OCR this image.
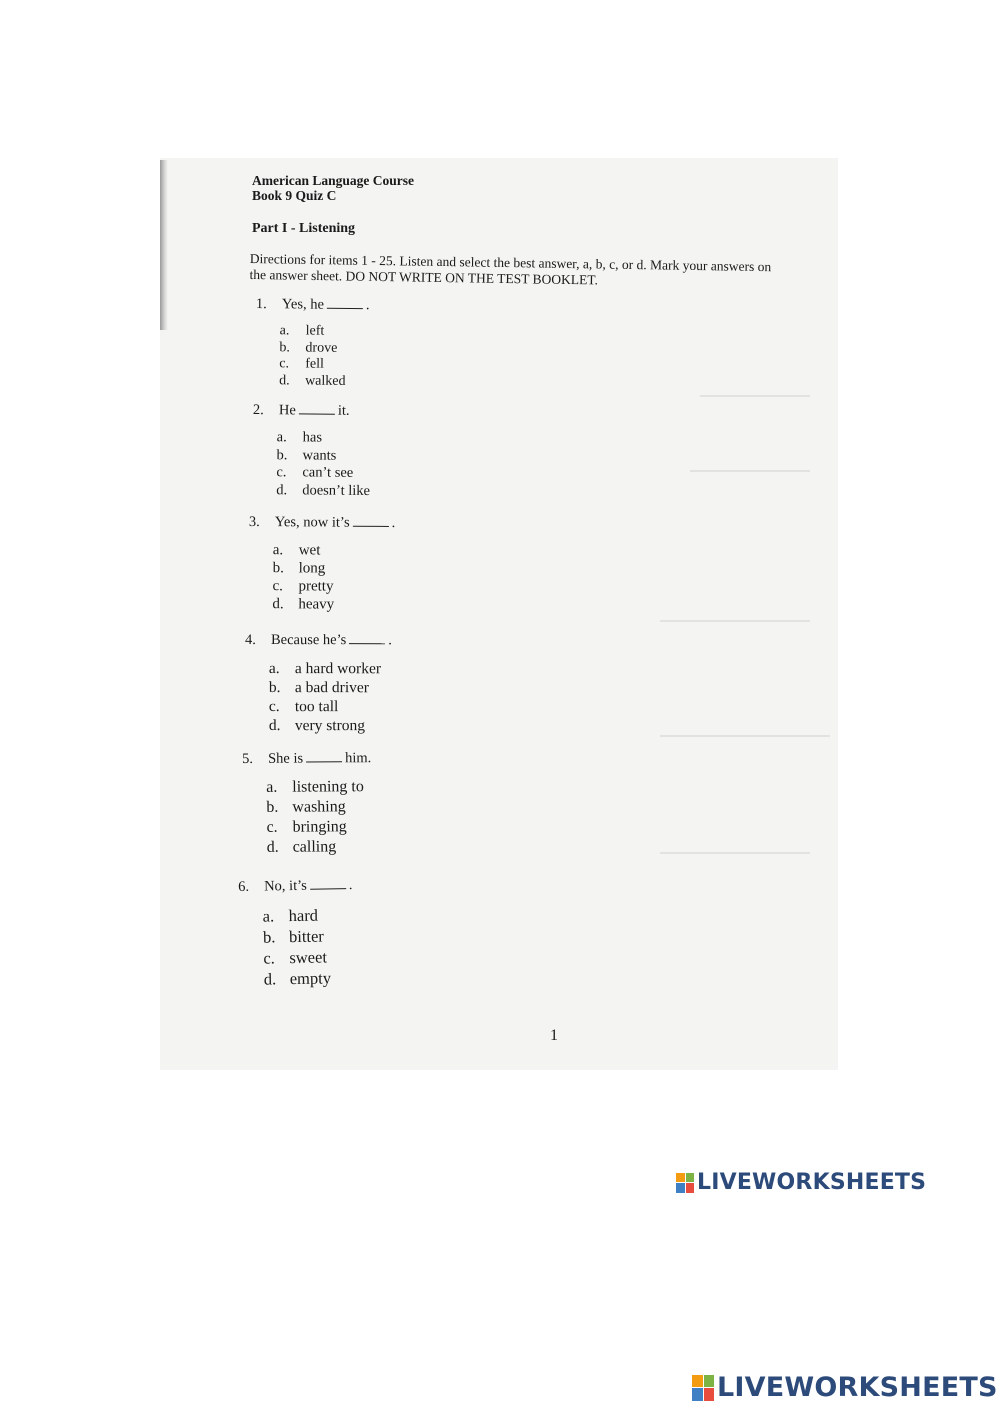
American Language Course
Book 9 Quiz C
Part I - Listening
Directions for items 1 - 25. Listen and select the best answer, a, b, c, or d. Mark your answers on the answer sheet. DO NOT WRITE ON THE TEST BOOKLET.
1. Yes, he	.
a.	left
b.	drove
c.	fell
d.	walked
2. He	it.
a.	has
b.	wants
c.	can’t see
d.	doesn’t like
3. Yes, now it’s	.
a.	wet
b. long
c.	pretty
d. heavy
4. Because he’s	.
a. a hard worker
b. a bad driver
c. too tall
d. very strong
5. She is	him.
a. listening to
b. washing
c. bringing
d. calling
6. No, it’s	.
a. hard
b. bitter
c. sweet
d. empty
1
LIVEWORKSHEETS
LIVEWORKSHEETS
